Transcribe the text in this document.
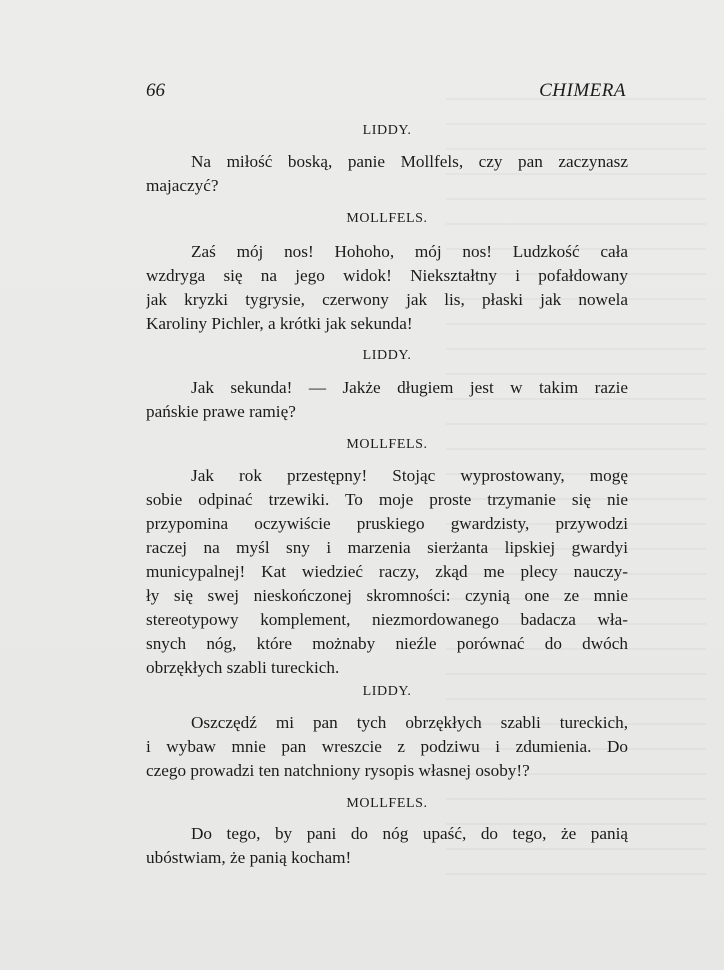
66	CHIMERA
LIDDY.
Na miłość boską, panie Mollfels, czy pan zaczynasz
majaczyć?
MOLLFELS.
Zaś mój nos! Hohoho, mój nos! Ludzkość cała
wzdryga się na jego widok! Niekształtny i pofałdowany
jak kryzki tygrysie, czerwony jak lis, płaski jak nowela
Karoliny Pichler, a krótki jak sekunda!
LIDDY.
Jak sekunda! — Jakże długiem jest w takim razie
pańskie prawe ramię?
MOLLFELS.
Jak rok przestępny! Stojąc wyprostowany, mogę
sobie odpinać trzewiki. To moje proste trzymanie się nie
przypomina oczywiście pruskiego gwardzisty, przywodzi
raczej na myśl sny i marzenia sierżanta lipskiej gwardyi
municypalnej! Kat wiedzieć raczy, zkąd me plecy nauczy-
ły się swej nieskończonej skromności: czynią one ze mnie
stereotypowy komplement, niezmordowanego badacza wła-
snych nóg, które możnaby nieźle porównać do dwóch
obrzękłych szabli tureckich.
LIDDY.
Oszczędź mi pan tych obrzękłych szabli tureckich,
i wybaw mnie pan wreszcie z podziwu i zdumienia. Do
czego prowadzi ten natchniony rysopis własnej osoby!?
MOLLFELS.
Do tego, by pani do nóg upaść, do tego, że panią
ubóstwiam, że panią kocham!
